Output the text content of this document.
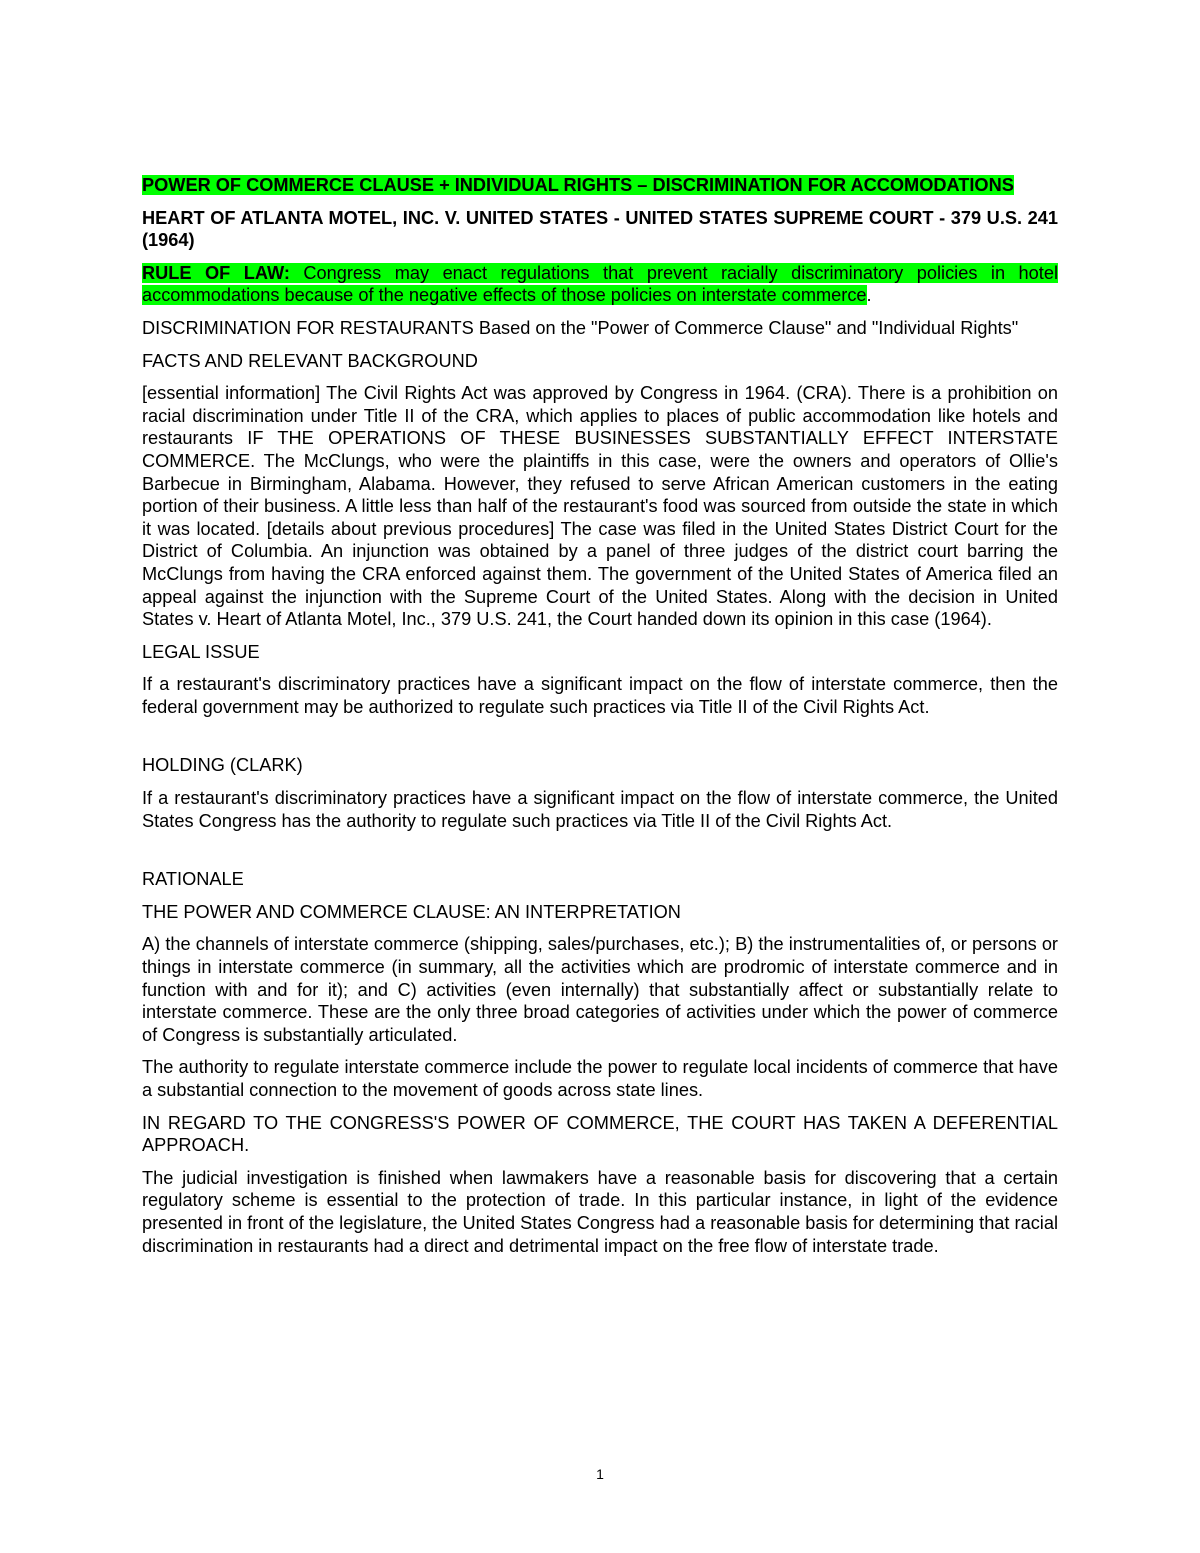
POWER OF COMMERCE CLAUSE + INDIVIDUAL RIGHTS – DISCRIMINATION FOR ACCOMODATIONS

HEART OF ATLANTA MOTEL, INC. V. UNITED STATES - UNITED STATES SUPREME COURT - 379 U.S. 241 (1964)

RULE OF LAW: Congress may enact regulations that prevent racially discriminatory policies in hotel accommodations because of the negative effects of those policies on interstate commerce.

DISCRIMINATION FOR RESTAURANTS Based on the "Power of Commerce Clause" and "Individual Rights"

FACTS AND RELEVANT BACKGROUND

[essential information] The Civil Rights Act was approved by Congress in 1964. (CRA). There is a prohibition on racial discrimination under Title II of the CRA, which applies to places of public accommodation like hotels and restaurants IF THE OPERATIONS OF THESE BUSINESSES SUBSTANTIALLY EFFECT INTERSTATE COMMERCE. The McClungs, who were the plaintiffs in this case, were the owners and operators of Ollie's Barbecue in Birmingham, Alabama. However, they refused to serve African American customers in the eating portion of their business. A little less than half of the restaurant's food was sourced from outside the state in which it was located. [details about previous procedures] The case was filed in the United States District Court for the District of Columbia. An injunction was obtained by a panel of three judges of the district court barring the McClungs from having the CRA enforced against them. The government of the United States of America filed an appeal against the injunction with the Supreme Court of the United States. Along with the decision in United States v. Heart of Atlanta Motel, Inc., 379 U.S. 241, the Court handed down its opinion in this case (1964).

LEGAL ISSUE

If a restaurant's discriminatory practices have a significant impact on the flow of interstate commerce, then the federal government may be authorized to regulate such practices via Title II of the Civil Rights Act.

HOLDING (CLARK)

If a restaurant's discriminatory practices have a significant impact on the flow of interstate commerce, the United States Congress has the authority to regulate such practices via Title II of the Civil Rights Act.

RATIONALE

THE POWER AND COMMERCE CLAUSE: AN INTERPRETATION

A) the channels of interstate commerce (shipping, sales/purchases, etc.); B) the instrumentalities of, or persons or things in interstate commerce (in summary, all the activities which are prodromic of interstate commerce and in function with and for it); and C) activities (even internally) that substantially affect or substantially relate to interstate commerce. These are the only three broad categories of activities under which the power of commerce of Congress is substantially articulated.

The authority to regulate interstate commerce include the power to regulate local incidents of commerce that have a substantial connection to the movement of goods across state lines.

IN REGARD TO THE CONGRESS'S POWER OF COMMERCE, THE COURT HAS TAKEN A DEFERENTIAL APPROACH.

The judicial investigation is finished when lawmakers have a reasonable basis for discovering that a certain regulatory scheme is essential to the protection of trade. In this particular instance, in light of the evidence presented in front of the legislature, the United States Congress had a reasonable basis for determining that racial discrimination in restaurants had a direct and detrimental impact on the free flow of interstate trade.

1
